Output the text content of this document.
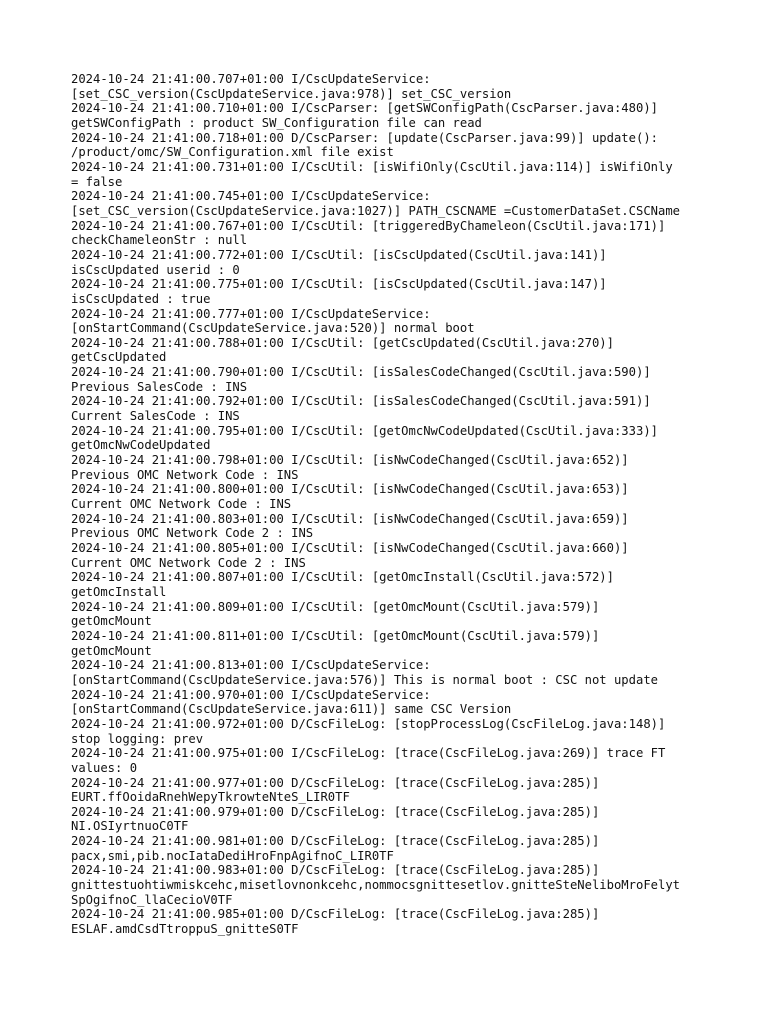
2024-10-24 21:41:00.707+01:00 I/CscUpdateService:
[set_CSC_version(CscUpdateService.java:978)] set_CSC_version
2024-10-24 21:41:00.710+01:00 I/CscParser: [getSWConfigPath(CscParser.java:480)]
getSWConfigPath : product SW_Configuration file can read
2024-10-24 21:41:00.718+01:00 D/CscParser: [update(CscParser.java:99)] update():
/product/omc/SW_Configuration.xml file exist
2024-10-24 21:41:00.731+01:00 I/CscUtil: [isWifiOnly(CscUtil.java:114)] isWifiOnly
= false
2024-10-24 21:41:00.745+01:00 I/CscUpdateService:
[set_CSC_version(CscUpdateService.java:1027)] PATH_CSCNAME =CustomerDataSet.CSCName
2024-10-24 21:41:00.767+01:00 I/CscUtil: [triggeredByChameleon(CscUtil.java:171)]
checkChameleonStr : null
2024-10-24 21:41:00.772+01:00 I/CscUtil: [isCscUpdated(CscUtil.java:141)]
isCscUpdated userid : 0
2024-10-24 21:41:00.775+01:00 I/CscUtil: [isCscUpdated(CscUtil.java:147)]
isCscUpdated : true
2024-10-24 21:41:00.777+01:00 I/CscUpdateService:
[onStartCommand(CscUpdateService.java:520)] normal boot
2024-10-24 21:41:00.788+01:00 I/CscUtil: [getCscUpdated(CscUtil.java:270)]
getCscUpdated
2024-10-24 21:41:00.790+01:00 I/CscUtil: [isSalesCodeChanged(CscUtil.java:590)]
Previous SalesCode : INS
2024-10-24 21:41:00.792+01:00 I/CscUtil: [isSalesCodeChanged(CscUtil.java:591)]
Current SalesCode : INS
2024-10-24 21:41:00.795+01:00 I/CscUtil: [getOmcNwCodeUpdated(CscUtil.java:333)]
getOmcNwCodeUpdated
2024-10-24 21:41:00.798+01:00 I/CscUtil: [isNwCodeChanged(CscUtil.java:652)]
Previous OMC Network Code : INS
2024-10-24 21:41:00.800+01:00 I/CscUtil: [isNwCodeChanged(CscUtil.java:653)]
Current OMC Network Code : INS
2024-10-24 21:41:00.803+01:00 I/CscUtil: [isNwCodeChanged(CscUtil.java:659)]
Previous OMC Network Code 2 : INS
2024-10-24 21:41:00.805+01:00 I/CscUtil: [isNwCodeChanged(CscUtil.java:660)]
Current OMC Network Code 2 : INS
2024-10-24 21:41:00.807+01:00 I/CscUtil: [getOmcInstall(CscUtil.java:572)]
getOmcInstall
2024-10-24 21:41:00.809+01:00 I/CscUtil: [getOmcMount(CscUtil.java:579)]
getOmcMount
2024-10-24 21:41:00.811+01:00 I/CscUtil: [getOmcMount(CscUtil.java:579)]
getOmcMount
2024-10-24 21:41:00.813+01:00 I/CscUpdateService:
[onStartCommand(CscUpdateService.java:576)] This is normal boot : CSC not update
2024-10-24 21:41:00.970+01:00 I/CscUpdateService:
[onStartCommand(CscUpdateService.java:611)] same CSC Version
2024-10-24 21:41:00.972+01:00 D/CscFileLog: [stopProcessLog(CscFileLog.java:148)]
stop logging: prev
2024-10-24 21:41:00.975+01:00 I/CscFileLog: [trace(CscFileLog.java:269)] trace FT
values: 0
2024-10-24 21:41:00.977+01:00 D/CscFileLog: [trace(CscFileLog.java:285)]
EURT.ffOoidaRnehWepyTkrowteNteS_LIR0TF
2024-10-24 21:41:00.979+01:00 D/CscFileLog: [trace(CscFileLog.java:285)]
NI.OSIyrtnuoC0TF
2024-10-24 21:41:00.981+01:00 D/CscFileLog: [trace(CscFileLog.java:285)]
pacx,smi,pib.nocIataDediHroFnpAgifnoC_LIR0TF
2024-10-24 21:41:00.983+01:00 D/CscFileLog: [trace(CscFileLog.java:285)]
gnittestuohtiwmiskcehc,misetlovnonkcehc,nommocsgnittesetlov.gnitteSteNeliboMroFelyt
SpOgifnoC_llaCecioV0TF
2024-10-24 21:41:00.985+01:00 D/CscFileLog: [trace(CscFileLog.java:285)]
ESLAF.amdCsdTtroppuS_gnitteS0TF
